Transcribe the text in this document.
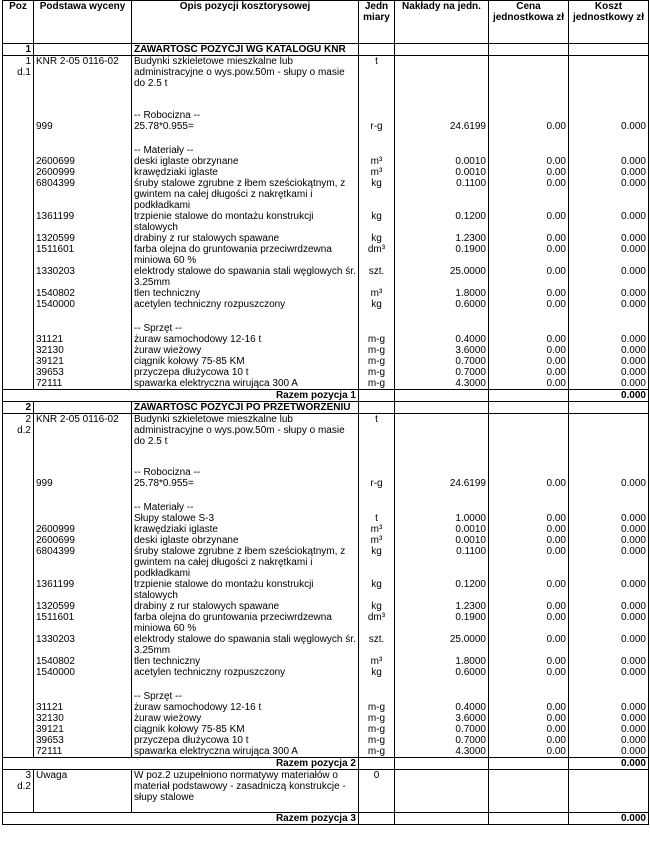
Poz	Podstawa wyceny	Opis pozycji kosztorysowej	Jedn miary	Nakłady na jedn.	Cena jednostkowa zł	Koszt jednostkowy zł
1		ZAWARTOŚĆ POZYCJI WG KATALOGU KNR				

1
d.1	KNR 2-05 0116-02	Budynki szkieletowe mieszkalne lub administracyjne o wys.pow.50m - słupy o masie do 2.5 t	t			

		-- Robocizna --				
	999	25.78*0.955=	r-g	24.6199	0.00	0.000

		-- Materiały --				
	2600699	deski iglaste obrzynane	m³	0.0010	0.00	0.000
	2600999	krawędziaki iglaste	m³	0.0010	0.00	0.000
	6804399	śruby stalowe zgrubne z łbem sześciokątnym, z gwintem na całej długości z nakrętkami i podkładkami	kg	0.1100	0.00	0.000
	1361199	trzpienie stalowe do montażu konstrukcji stalowych	kg	0.1200	0.00	0.000
	1320599	drabiny z rur stalowych spawane	kg	1.2300	0.00	0.000
	1511601	farba olejna do gruntowania przeciwrdzewna miniowa 60 %	dm³	0.1900	0.00	0.000
	1330203	elektrody stalowe do spawania stali węglowych śr. 3.25mm	szt.	25.0000	0.00	0.000
	1540802	tlen techniczny	m³	1.8000	0.00	0.000
	1540000	acetylen techniczny rozpuszczony	kg	0.6000	0.00	0.000

		-- Sprzęt --				
	31121	żuraw samochodowy 12-16 t	m-g	0.4000	0.00	0.000
	32130	żuraw wieżowy	m-g	3.6000	0.00	0.000
	39121	ciągnik kołowy 75-85 KM	m-g	0.7000	0.00	0.000
	39653	przyczepa dłużycowa 10 t	m-g	0.7000	0.00	0.000
	72111	spawarka elektryczna wirująca 300 A	m-g	4.3000	0.00	0.000
Razem pozycja 1						0.000
2		ZAWARTOŚĆ POZYCJI PO PRZETWORZENIU				

2
d.2	KNR 2-05 0116-02	Budynki szkieletowe mieszkalne lub administracyjne o wys.pow.50m - słupy o masie do 2.5 t	t			

		-- Robocizna --				
	999	25.78*0.955=	r-g	24.6199	0.00	0.000

		-- Materiały --				
		Słupy stalowe S-3	t	1.0000	0.00	0.000
	2600999	krawędziaki iglaste	m³	0.0010	0.00	0.000
	2600699	deski iglaste obrzynane	m³	0.0010	0.00	0.000
	6804399	śruby stalowe zgrubne z łbem sześciokątnym, z gwintem na całej długości z nakrętkami i podkładkami	kg	0.1100	0.00	0.000
	1361199	trzpienie stalowe do montażu konstrukcji stalowych	kg	0.1200	0.00	0.000
	1320599	drabiny z rur stalowych spawane	kg	1.2300	0.00	0.000
	1511601	farba olejna do gruntowania przeciwrdzewna miniowa 60 %	dm³	0.1900	0.00	0.000
	1330203	elektrody stalowe do spawania stali węglowych śr. 3.25mm	szt.	25.0000	0.00	0.000
	1540802	tlen techniczny	m³	1.8000	0.00	0.000
	1540000	acetylen techniczny rozpuszczony	kg	0.6000	0.00	0.000

		-- Sprzęt --				
	31121	żuraw samochodowy 12-16 t	m-g	0.4000	0.00	0.000
	32130	żuraw wieżowy	m-g	3.6000	0.00	0.000
	39121	ciągnik kołowy 75-85 KM	m-g	0.7000	0.00	0.000
	39653	przyczepa dłużycowa 10 t	m-g	0.7000	0.00	0.000
	72111	spawarka elektryczna wirująca 300 A	m-g	4.3000	0.00	0.000
Razem pozycja 2						0.000

3
d.2	Uwaga	W poz.2 uzupełniono normatywy materiałów o materiał podstawowy - zasadniczą konstrukcje - słupy stalowe	0			
Razem pozycja 3						0.000
